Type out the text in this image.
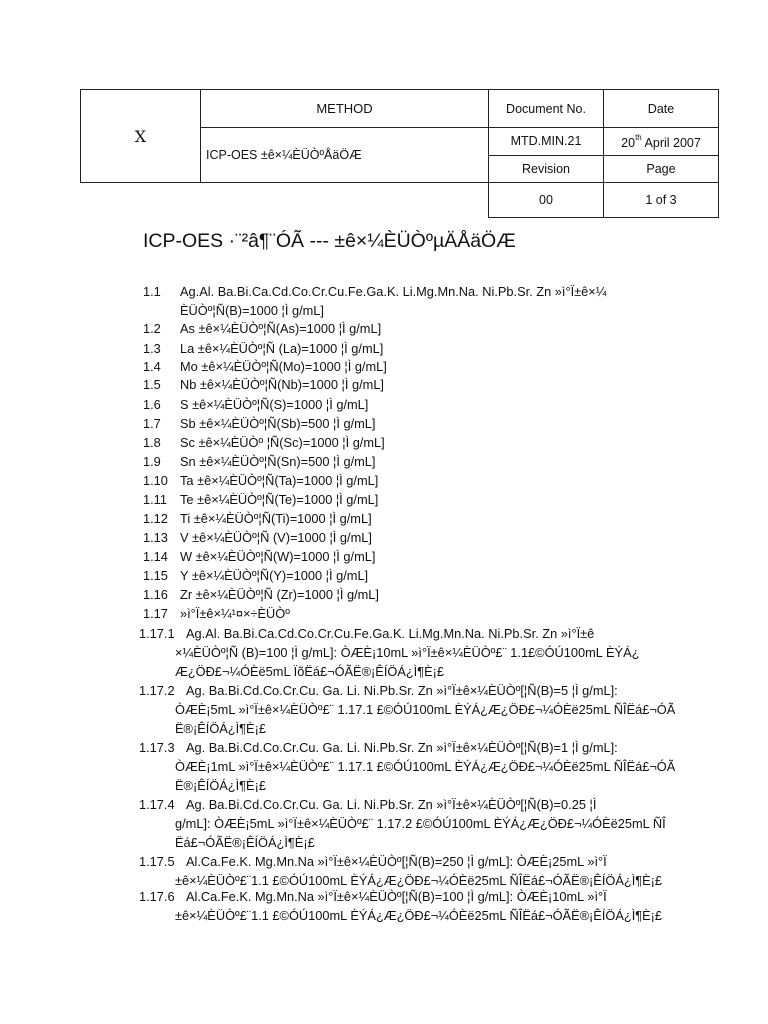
X	METHOD	Document No.	Date
	ICP-OES ±ê×¼ÈÜÒºÅäÖÆ	MTD.MIN.21	20th April 2007
		Revision	Page
		00	1 of 3
ICP-OES ·¨²â¶¨ÓÃ --- ±ê×¼ÈÜÒºµÄÅäÖÆ
1.1 Ag.Al. Ba.Bi.Ca.Cd.Co.Cr.Cu.Fe.Ga.K. Li.Mg.Mn.Na. Ni.Pb.Sr. Zn »ì°Ï±ê×¼
ÈÜÒº¦Ñ(B)=1000 ¦Ì g/mL]
1.2 As ±ê×¼ÈÜÒº¦Ñ(As)=1000 ¦Ì g/mL]
1.3 La ±ê×¼ÈÜÒº¦Ñ (La)=1000 ¦Ì g/mL]
1.4 Mo ±ê×¼ÈÜÒº¦Ñ(Mo)=1000 ¦Ì g/mL]
1.5 Nb ±ê×¼ÈÜÒº¦Ñ(Nb)=1000 ¦Ì g/mL]
1.6 S ±ê×¼ÈÜÒº¦Ñ(S)=1000 ¦Ì g/mL]
1.7 Sb ±ê×¼ÈÜÒº¦Ñ(Sb)=500 ¦Ì g/mL]
1.8 Sc ±ê×¼ÈÜÒº ¦Ñ(Sc)=1000 ¦Ì g/mL]
1.9 Sn ±ê×¼ÈÜÒº¦Ñ(Sn)=500 ¦Ì g/mL]
1.10 Ta ±ê×¼ÈÜÒº¦Ñ(Ta)=1000 ¦Ì g/mL]
1.11 Te ±ê×¼ÈÜÒº¦Ñ(Te)=1000 ¦Ì g/mL]
1.12 Ti ±ê×¼ÈÜÒº¦Ñ(Ti)=1000 ¦Ì g/mL]
1.13 V ±ê×¼ÈÜÒº¦Ñ (V)=1000 ¦Ì g/mL]
1.14 W ±ê×¼ÈÜÒº¦Ñ(W)=1000 ¦Ì g/mL]
1.15 Y ±ê×¼ÈÜÒº¦Ñ(Y)=1000 ¦Ì g/mL]
1.16 Zr ±ê×¼ÈÜÒº¦Ñ (Zr)=1000 ¦Ì g/mL]
1.17 »ì°Ï±ê×¼¹¤×÷ÈÜÒº
1.17.1 Ag.Al. Ba.Bi.Ca.Cd.Co.Cr.Cu.Fe.Ga.K. Li.Mg.Mn.Na. Ni.Pb.Sr. Zn »ì°Ï±ê
×¼ÈÜÒº¦Ñ (B)=100 ¦Ì g/mL]: ÒÆÈ¡10mL »ì°Ï±ê×¼ÈÜÒº£¨ 1.1£©ÓÚ100mL ÈÝÁ¿
Æ¿ÖÐ£¬¼ÓÈë5mL ÏõËá£¬ÓÃË®¡ÊÍÖÁ¿Ì¶È¡£
1.17.2 Ag. Ba.Bi.Cd.Co.Cr.Cu. Ga. Li. Ni.Pb.Sr. Zn »ì°Ï±ê×¼ÈÜÒº[¦Ñ(B)=5 ¦Ì g/mL]:
ÒÆÈ¡5mL »ì°Ï±ê×¼ÈÜÒº£¨ 1.17.1 £©ÓÚ100mL ÈÝÁ¿Æ¿ÖÐ£¬¼ÓÈë25mL ÑÎËá£¬ÓÃ
Ë®¡ÊÍÖÁ¿Ì¶È¡£
1.17.3 Ag. Ba.Bi.Cd.Co.Cr.Cu. Ga. Li. Ni.Pb.Sr. Zn »ì°Ï±ê×¼ÈÜÒº[¦Ñ(B)=1 ¦Ì g/mL]:
ÒÆÈ¡1mL »ì°Ï±ê×¼ÈÜÒº£¨ 1.17.1 £©ÓÚ100mL ÈÝÁ¿Æ¿ÖÐ£¬¼ÓÈë25mL ÑÎËá£¬ÓÃ
Ë®¡ÊÍÖÁ¿Ì¶È¡£
1.17.4 Ag. Ba.Bi.Cd.Co.Cr.Cu. Ga. Li. Ni.Pb.Sr. Zn »ì°Ï±ê×¼ÈÜÒº[¦Ñ(B)=0.25 ¦Ì
g/mL]: ÒÆÈ¡5mL »ì°Ï±ê×¼ÈÜÒº£¨ 1.17.2 £©ÓÚ100mL ÈÝÁ¿Æ¿ÖÐ£¬¼ÓÈë25mL ÑÎ
Ëá£¬ÓÃË®¡ÊÍÖÁ¿Ì¶È¡£
1.17.5 Al.Ca.Fe.K. Mg.Mn.Na »ì°Ï±ê×¼ÈÜÒº[¦Ñ(B)=250 ¦Ì g/mL]: ÒÆÈ¡25mL »ì°Ï
±ê×¼ÈÜÒº£¨1.1 £©ÓÚ100mL ÈÝÁ¿Æ¿ÖÐ£¬¼ÓÈë25mL ÑÎËá£¬ÓÃË®¡ÊÍÖÁ¿Ì¶È¡£
1.17.6 Al.Ca.Fe.K. Mg.Mn.Na »ì°Ï±ê×¼ÈÜÒº[¦Ñ(B)=100 ¦Ì g/mL]: ÒÆÈ¡10mL »ì°Ï
±ê×¼ÈÜÒº£¨1.1 £©ÓÚ100mL ÈÝÁ¿Æ¿ÖÐ£¬¼ÓÈë25mL ÑÎËá£¬ÓÃË®¡ÊÍÖÁ¿Ì¶È¡£
